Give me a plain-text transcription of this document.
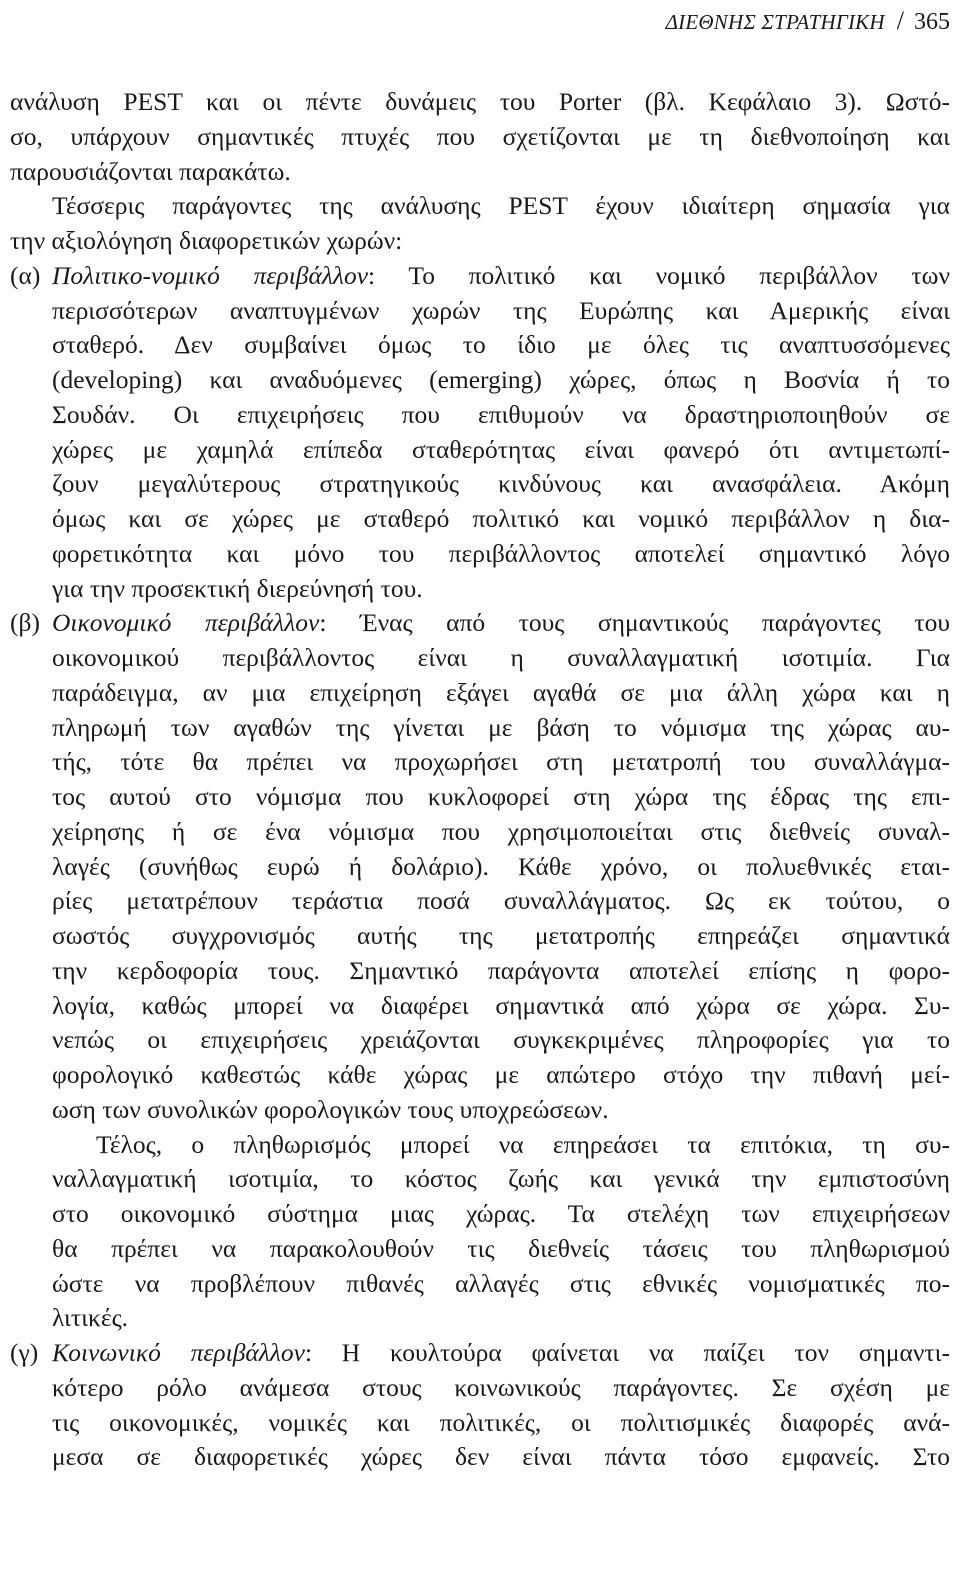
ΔΙΕΘΝΗΣ ΣΤΡΑΤΗΓΙΚΗ / 365
ανάλυση PEST και οι πέντε δυνάμεις του Porter (βλ. Κεφάλαιο 3). Ωστό-
σο, υπάρχουν σημαντικές πτυχές που σχετίζονται με τη διεθνοποίηση και
παρουσιάζονται παρακάτω.
Τέσσερις παράγοντες της ανάλυσης PEST έχουν ιδιαίτερη σημασία για
την αξιολόγηση διαφορετικών χωρών:
(α) Πολιτικο-νομικό περιβάλλον: Το πολιτικό και νομικό περιβάλλον των
περισσότερων αναπτυγμένων χωρών της Ευρώπης και Αμερικής είναι
σταθερό. Δεν συμβαίνει όμως το ίδιο με όλες τις αναπτυσσόμενες
(developing) και αναδυόμενες (emerging) χώρες, όπως η Βοσνία ή το
Σουδάν. Οι επιχειρήσεις που επιθυμούν να δραστηριοποιηθούν σε
χώρες με χαμηλά επίπεδα σταθερότητας είναι φανερό ότι αντιμετωπί-
ζουν μεγαλύτερους στρατηγικούς κινδύνους και ανασφάλεια. Ακόμη
όμως και σε χώρες με σταθερό πολιτικό και νομικό περιβάλλον η δια-
φορετικότητα και μόνο του περιβάλλοντος αποτελεί σημαντικό λόγο
για την προσεκτική διερεύνησή του.
(β) Οικονομικό περιβάλλον: Ένας από τους σημαντικούς παράγοντες του
οικονομικού περιβάλλοντος είναι η συναλλαγματική ισοτιμία. Για
παράδειγμα, αν μια επιχείρηση εξάγει αγαθά σε μια άλλη χώρα και η
πληρωμή των αγαθών της γίνεται με βάση το νόμισμα της χώρας αυ-
τής, τότε θα πρέπει να προχωρήσει στη μετατροπή του συναλλάγμα-
τος αυτού στο νόμισμα που κυκλοφορεί στη χώρα της έδρας της επι-
χείρησης ή σε ένα νόμισμα που χρησιμοποιείται στις διεθνείς συναλ-
λαγές (συνήθως ευρώ ή δολάριο). Κάθε χρόνο, οι πολυεθνικές εται-
ρίες μετατρέπουν τεράστια ποσά συναλλάγματος. Ως εκ τούτου, ο
σωστός συγχρονισμός αυτής της μετατροπής επηρεάζει σημαντικά
την κερδοφορία τους. Σημαντικό παράγοντα αποτελεί επίσης η φορο-
λογία, καθώς μπορεί να διαφέρει σημαντικά από χώρα σε χώρα. Συ-
νεπώς οι επιχειρήσεις χρειάζονται συγκεκριμένες πληροφορίες για το
φορολογικό καθεστώς κάθε χώρας με απώτερο στόχο την πιθανή μεί-
ωση των συνολικών φορολογικών τους υποχρεώσεων.
Τέλος, ο πληθωρισμός μπορεί να επηρεάσει τα επιτόκια, τη συ-
ναλλαγματική ισοτιμία, το κόστος ζωής και γενικά την εμπιστοσύνη
στο οικονομικό σύστημα μιας χώρας. Τα στελέχη των επιχειρήσεων
θα πρέπει να παρακολουθούν τις διεθνείς τάσεις του πληθωρισμού
ώστε να προβλέπουν πιθανές αλλαγές στις εθνικές νομισματικές πο-
λιτικές.
(γ) Κοινωνικό περιβάλλον: Η κουλτούρα φαίνεται να παίζει τον σημαντι-
κότερο ρόλο ανάμεσα στους κοινωνικούς παράγοντες. Σε σχέση με
τις οικονομικές, νομικές και πολιτικές, οι πολιτισμικές διαφορές ανά-
μεσα σε διαφορετικές χώρες δεν είναι πάντα τόσο εμφανείς. Στο
